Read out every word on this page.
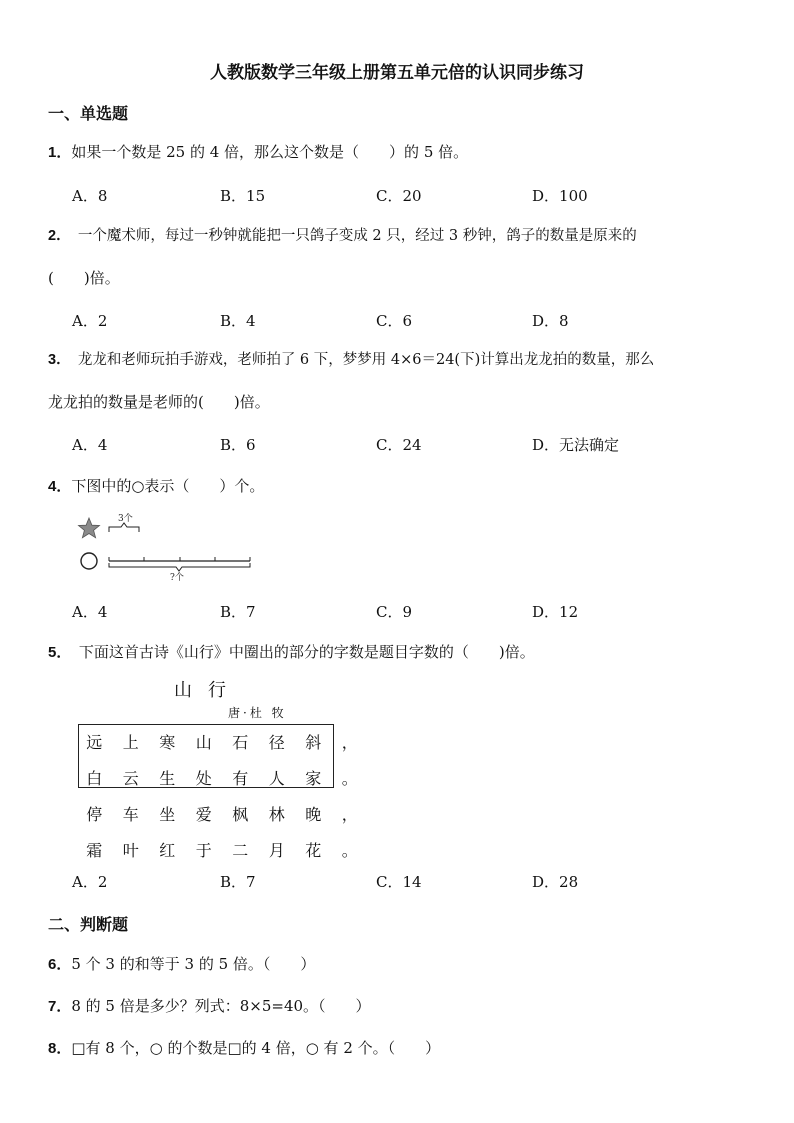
人教版数学三年级上册第五单元倍的认识同步练习
一、单选题
1．如果一个数是 25 的 4 倍，那么这个数是（　　）的 5 倍。
A．8	B．15	C．20	D．100
2．　一个魔术师，每过一秒钟就能把一只鸽子变成 2 只，经过 3 秒钟，鸽子的数量是原来的
(　　)倍。
A．2	B．4	C．6	D．8
3．　龙龙和老师玩拍手游戏，老师拍了 6 下，梦梦用 4×6＝24(下)计算出龙龙拍的数量，那么
龙龙拍的数量是老师的(　　)倍。
A．4	B．6	C．24	D．无法确定
4．下图中的○表示（　　）个。
3个
?个
A．4	B．7	C．9	D．12
5．　下面这首古诗《山行》中圈出的部分的字数是题目字数的（　　)倍。
山行
唐·杜 牧
远	上	寒	山	石	径	斜	，
白	云	生	处	有	人	家	。
停	车	坐	爱	枫	林	晚	，
霜	叶	红	于	二	月	花	。
A．2	B．7	C．14	D．28
二、判断题
6．5 个 3 的和等于 3 的 5 倍。（　　）
7．8 的 5 倍是多少？列式：8×5=40。（　　）
8．□有 8 个，○ 的个数是□的 4 倍，○ 有 2 个。（　　）
